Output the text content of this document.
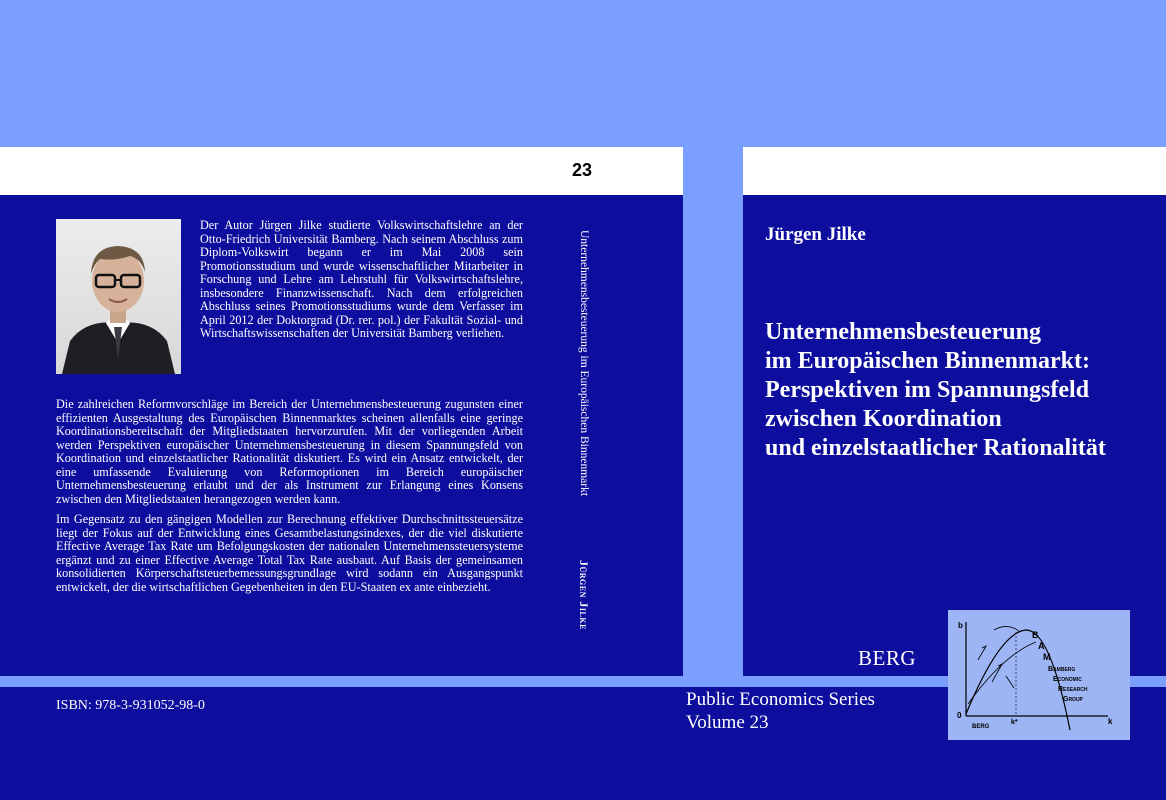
23
Der Autor Jürgen Jilke studierte Volkswirtschaftslehre an der Otto-Friedrich Universität Bamberg. Nach seinem Abschluss zum Diplom-Volkswirt begann er im Mai 2008 sein Promotionsstudium und wurde wissenschaftlicher Mitarbeiter in Forschung und Lehre am Lehrstuhl für Volkswirtschaftslehre, insbesondere Finanzwissenschaft. Nach dem erfolgreichen Abschluss seines Promotionsstudiums wurde dem Verfasser im April 2012 der Doktorgrad (Dr. rer. pol.) der Fakultät Sozial- und Wirtschaftswissenschaften der Universität Bamberg verliehen.

Die zahlreichen Reformvorschläge im Bereich der Unternehmensbesteuerung zugunsten einer effizienten Ausgestaltung des Europäischen Binnenmarktes scheinen allenfalls eine geringe Koordinationsbereitschaft der Mitgliedstaaten hervorzurufen. Mit der vorliegenden Arbeit werden Perspektiven europäischer Unternehmensbesteuerung in diesem Spannungsfeld von Koordination und einzelstaatlicher Rationalität diskutiert. Es wird ein Ansatz entwickelt, der eine umfassende Evaluierung von Reformoptionen im Bereich europäischer Unternehmensbesteuerung erlaubt und der als Instrument zur Erlangung eines Konsens zwischen den Mitgliedstaaten herangezogen werden kann.

Im Gegensatz zu den gängigen Modellen zur Berechnung effektiver Durchschnittssteuersätze liegt der Fokus auf der Entwicklung eines Gesamtbelastungsindexes, der die viel diskutierte Effective Average Tax Rate um Befolgungskosten der nationalen Unternehmenssteuersysteme ergänzt und zu einer Effective Average Total Tax Rate ausbaut. Auf Basis der gemeinsamen konsolidierten Körperschaftsteuerbemessungsgrundlage wird sodann ein Ausgangspunkt entwickelt, der die wirtschaftlichen Gegebenheiten in den EU-Staaten ex ante einbezieht.

ISBN: 978-3-931052-98-0
Unternehmensbesteuerung im Europäischen Binnenmarkt
Jürgen Jilke
Jürgen Jilke
Unternehmensbesteuerung
im Europäischen Binnenmarkt:
Perspektiven im Spannungsfeld
zwischen Koordination
und einzelstaatlicher Rationalität
BERG
Public Economics Series
Volume 23
b
0
k
k*
BERG
B
A
M
Bamberg
Economic
Research
Group
